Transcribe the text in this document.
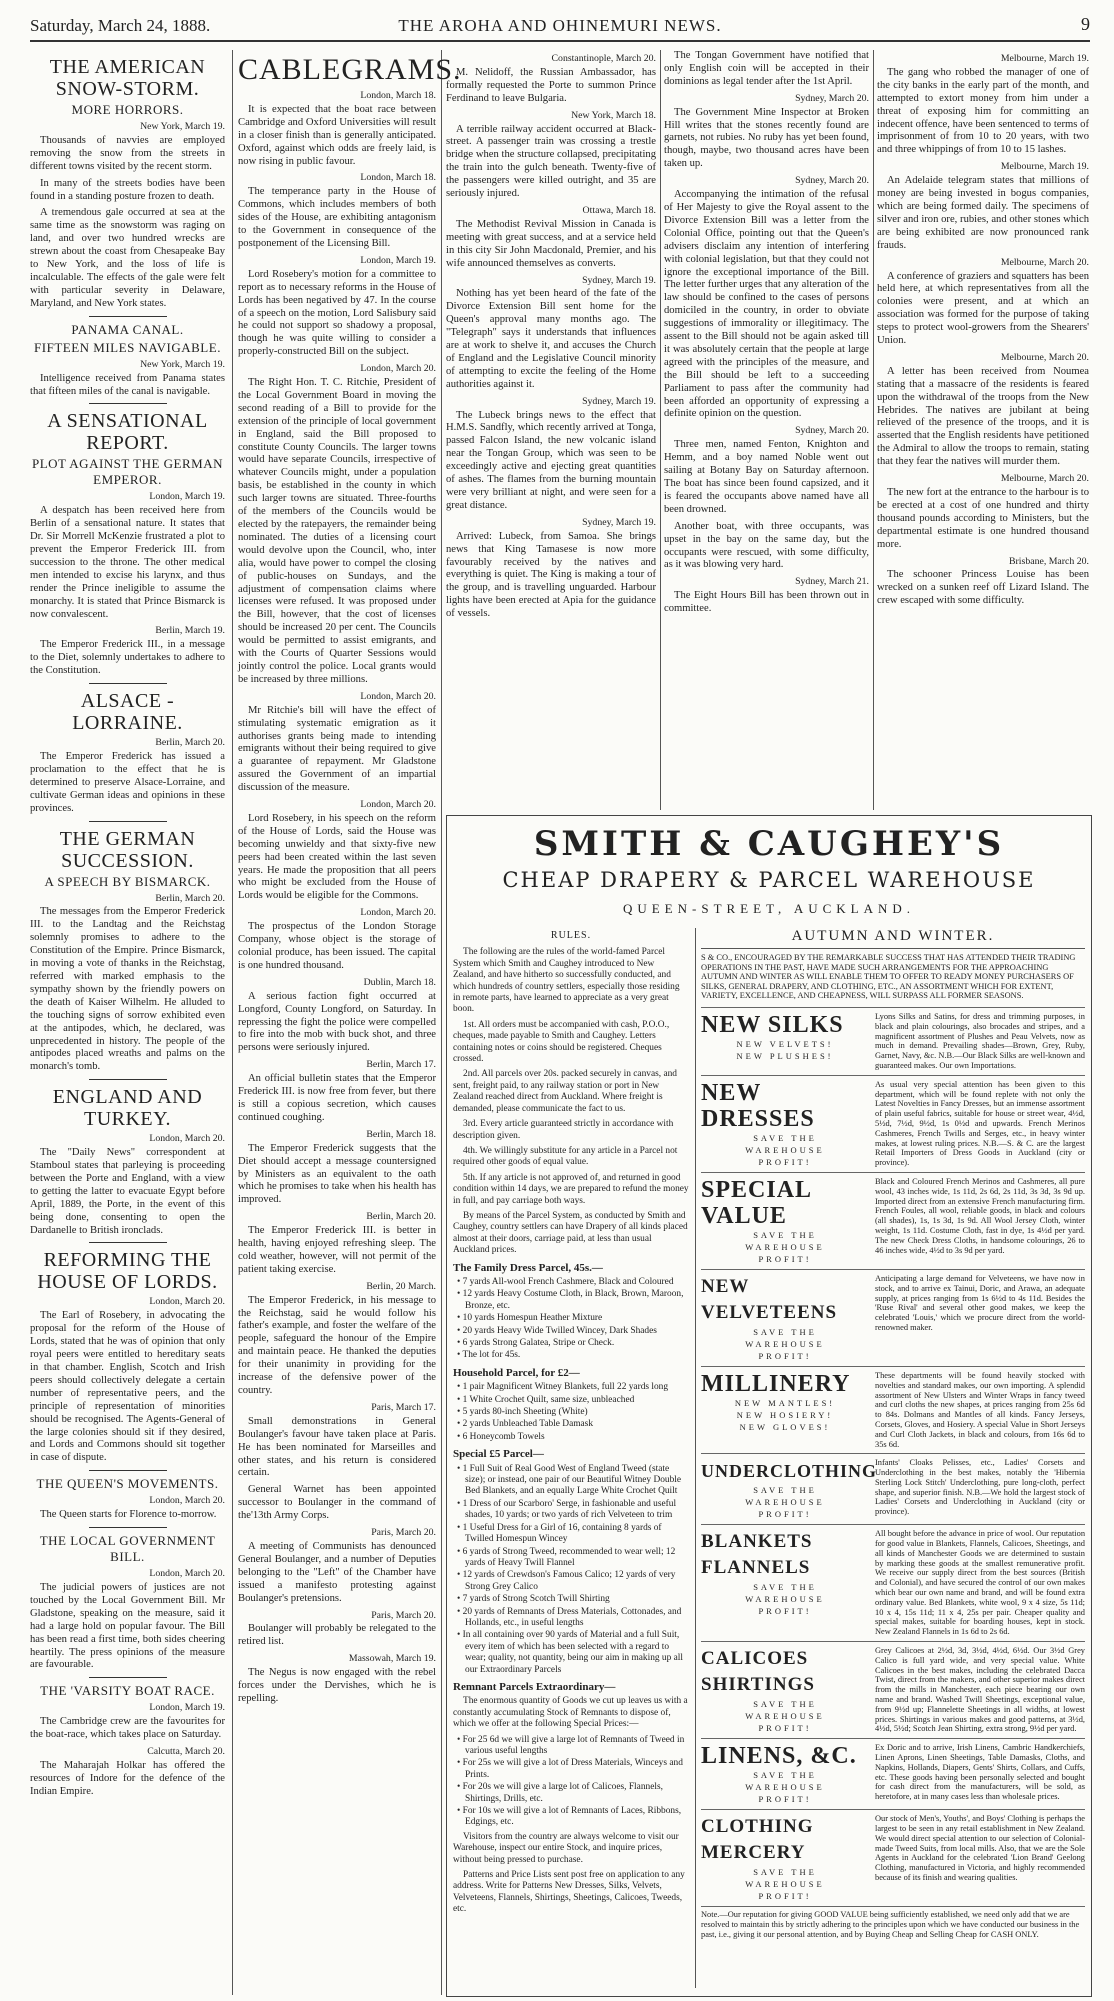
Saturday, March 24, 1888.	THE AROHA AND OHINEMURI NEWS.	9
THE AMERICAN SNOW-STORM.
MORE HORRORS.
New York, March 19.

Thousands of navvies are employed removing the snow from the streets in different towns visited by the recent storm.

In many of the streets bodies have been found in a standing posture frozen to death.

A tremendous gale occurred at sea at the same time as the snowstorm was raging on land, and over two hundred wrecks are strewn about the coast from Chesapeake Bay to New York, and the loss of life is incalculable. The effects of the gale were felt with particular severity in Delaware, Maryland, and New York states.

PANAMA CANAL.
FIFTEEN MILES NAVIGABLE.
New York, March 19.

Intelligence received from Panama states that fifteen miles of the canal is navigable.

A SENSATIONAL REPORT.
PLOT AGAINST THE GERMAN EMPEROR.
London, March 19.

A despatch has been received here from Berlin of a sensational nature. It states that Dr. Sir Morrell McKenzie frustrated a plot to prevent the Emperor Frederick III. from succession to the throne. The other medical men intended to excise his larynx, and thus render the Prince ineligible to assume the monarchy. It is stated that Prince Bismarck is now convalescent.

Berlin, March 19.

The Emperor Frederick III., in a message to the Diet, solemnly undertakes to adhere to the Constitution.

ALSACE - LORRAINE.
Berlin, March 20.

The Emperor Frederick has issued a proclamation to the effect that he is determined to preserve Alsace-Lorraine, and cultivate German ideas and opinions in these provinces.

THE GERMAN SUCCESSION.
A SPEECH BY BISMARCK.
Berlin, March 20.

The messages from the Emperor Frederick III. to the Landtag and the Reichstag solemnly promises to adhere to the Constitution of the Empire. Prince Bismarck, in moving a vote of thanks in the Reichstag, referred with marked emphasis to the sympathy shown by the friendly powers on the death of Kaiser Wilhelm. He alluded to the touching signs of sorrow exhibited even at the antipodes, which, he declared, was unprecedented in history. The people of the antipodes placed wreaths and palms on the monarch's tomb.

ENGLAND AND TURKEY.
London, March 20.

The "Daily News" correspondent at Stamboul states that parleying is proceeding between the Porte and England, with a view to getting the latter to evacuate Egypt before April, 1889, the Porte, in the event of this being done, consenting to open the Dardanelle to British ironclads.

REFORMING THE HOUSE OF LORDS.
London, March 20.

The Earl of Rosebery, in advocating the proposal for the reform of the House of Lords, stated that he was of opinion that only royal peers were entitled to hereditary seats in that chamber. English, Scotch and Irish peers should collectively delegate a certain number of representative peers, and the principle of representation of minorities should be recognised. The Agents-General of the large colonies should sit if they desired, and Lords and Commons should sit together in case of dispute.

THE QUEEN'S MOVEMENTS.
London, March 20.

The Queen starts for Florence to-morrow.

THE LOCAL GOVERNMENT BILL.
London, March 20.

The judicial powers of justices are not touched by the Local Government Bill. Mr Gladstone, speaking on the measure, said it had a large hold on popular favour. The Bill has been read a first time, both sides cheering heartily. The press opinions of the measure are favourable.

THE 'VARSITY BOAT RACE.
London, March 19.

The Cambridge crew are the favourites for the boat-race, which takes place on Saturday.

Calcutta, March 20.

The Maharajah Holkar has offered the resources of Indore for the defence of the Indian Empire.

CABLEGRAMS.
London, March 18.

It is expected that the boat race between Cambridge and Oxford Universities will result in a closer finish than is generally anticipated. Oxford, against which odds are freely laid, is now rising in public favour.

London, March 18.

The temperance party in the House of Commons, which includes members of both sides of the House, are exhibiting antagonism to the Government in consequence of the postponement of the Licensing Bill.

London, March 19.

Lord Rosebery's motion for a committee to report as to necessary reforms in the House of Lords has been negatived by 47. In the course of a speech on the motion, Lord Salisbury said he could not support so shadowy a proposal, though he was quite willing to consider a properly-constructed Bill on the subject.

London, March 20.

The Right Hon. T. C. Ritchie, President of the Local Government Board in moving the second reading of a Bill to provide for the extension of the principle of local government in England, said the Bill proposed to constitute County Councils. The larger towns would have separate Councils, irrespective of whatever Councils might, under a population basis, be established in the county in which such larger towns are situated. Three-fourths of the members of the Councils would be elected by the ratepayers, the remainder being nominated. The duties of a licensing court would devolve upon the Council, who, inter alia, would have power to compel the closing of public-houses on Sundays, and the adjustment of compensation claims where licenses were refused. It was proposed under the Bill, however, that the cost of licenses should be increased 20 per cent. The Councils would be permitted to assist emigrants, and with the Courts of Quarter Sessions would jointly control the police. Local grants would be increased by three millions.

London, March 20.

Mr Ritchie's bill will have the effect of stimulating systematic emigration as it authorises grants being made to intending emigrants without their being required to give a guarantee of repayment. Mr Gladstone assured the Government of an impartial discussion of the measure.

London, March 20.

Lord Rosebery, in his speech on the reform of the House of Lords, said the House was becoming unwieldy and that sixty-five new peers had been created within the last seven years. He made the proposition that all peers who might be excluded from the House of Lords would be eligible for the Commons.

London, March 20.

The prospectus of the London Storage Company, whose object is the storage of colonial produce, has been issued. The capital is one hundred thousand.

Dublin, March 18.

A serious faction fight occurred at Longford, County Longford, on Saturday. In repressing the fight the police were compelled to fire into the mob with buck shot, and three persons were seriously injured.

Berlin, March 17.

An official bulletin states that the Emperor Frederick III. is now free from fever, but there is still a copious secretion, which causes continued coughing.

Berlin, March 18.

The Emperor Frederick suggests that the Diet should accept a message countersigned by Ministers as an equivalent to the oath which he promises to take when his health has improved.

Berlin, March 20.

The Emperor Frederick III. is better in health, having enjoyed refreshing sleep. The cold weather, however, will not permit of the patient taking exercise.

Berlin, 20 March.

The Emperor Frederick, in his message to the Reichstag, said he would follow his father's example, and foster the welfare of the people, safeguard the honour of the Empire and maintain peace. He thanked the deputies for their unanimity in providing for the increase of the defensive power of the country.

Paris, March 17.

Small demonstrations in General Boulanger's favour have taken place at Paris. He has been nominated for Marseilles and other states, and his return is considered certain.

General Warnet has been appointed successor to Boulanger in the command of the'13th Army Corps.

Paris, March 20.

A meeting of Communists has denounced General Boulanger, and a number of Deputies belonging to the "Left" of the Chamber have issued a manifesto protesting against Boulanger's pretensions.

Paris, March 20.

Boulanger will probably be relegated to the retired list.

Massowah, March 19.

The Negus is now engaged with the rebel forces under the Dervishes, which he is repelling.

Constantinople, March 20.

M. Nelidoff, the Russian Ambassador, has formally requested the Porte to summon Prince Ferdinand to leave Bulgaria.

New York, March 18.

A terrible railway accident occurred at Black-street. A passenger train was crossing a trestle bridge when the structure collapsed, precipitating the train into the gulch beneath. Twenty-five of the passengers were killed outright, and 35 are seriously injured.

Ottawa, March 18.

The Methodist Revival Mission in Canada is meeting with great success, and at a service held in this city Sir John Macdonald, Premier, and his wife announced themselves as converts.

Sydney, March 19.

Nothing has yet been heard of the fate of the Divorce Extension Bill sent home for the Queen's approval many months ago. The "Telegraph" says it understands that influences are at work to shelve it, and accuses the Church of England and the Legislative Council minority of attempting to excite the feeling of the Home authorities against it.

Sydney, March 19.

The Lubeck brings news to the effect that H.M.S. Sandfly, which recently arrived at Tonga, passed Falcon Island, the new volcanic island near the Tongan Group, which was seen to be exceedingly active and ejecting great quantities of ashes. The flames from the burning mountain were very brilliant at night, and were seen for a great distance.

Sydney, March 19.

Arrived: Lubeck, from Samoa. She brings news that King Tamasese is now more favourably received by the natives and everything is quiet. The King is making a tour of the group, and is travelling unguarded. Harbour lights have been erected at Apia for the guidance of vessels.

The Tongan Government have notified that only English coin will be accepted in their dominions as legal tender after the 1st April.

Sydney, March 20.

The Government Mine Inspector at Broken Hill writes that the stones recently found are garnets, not rubies. No ruby has yet been found, though, maybe, two thousand acres have been taken up.

Sydney, March 20.

Accompanying the intimation of the refusal of Her Majesty to give the Royal assent to the Divorce Extension Bill was a letter from the Colonial Office, pointing out that the Queen's advisers disclaim any intention of interfering with colonial legislation, but that they could not ignore the exceptional importance of the Bill. The letter further urges that any alteration of the law should be confined to the cases of persons domiciled in the country, in order to obviate suggestions of immorality or illegitimacy. The assent to the Bill should not be again asked till it was absolutely certain that the people at large agreed with the principles of the measure, and the Bill should be left to a succeeding Parliament to pass after the community had been afforded an opportunity of expressing a definite opinion on the question.

Sydney, March 20.

Three men, named Fenton, Knighton and Hemm, and a boy named Noble went out sailing at Botany Bay on Saturday afternoon. The boat has since been found capsized, and it is feared the occupants above named have all been drowned.

Another boat, with three occupants, was upset in the bay on the same day, but the occupants were rescued, with some difficulty, as it was blowing very hard.

Sydney, March 21.

The Eight Hours Bill has been thrown out in committee.

Melbourne, March 19.

The gang who robbed the manager of one of the city banks in the early part of the month, and attempted to extort money from him under a threat of exposing him for committing an indecent offence, have been sentenced to terms of imprisonment of from 10 to 20 years, with two and three whippings of from 10 to 15 lashes.

Melbourne, March 19.

An Adelaide telegram states that millions of money are being invested in bogus companies, which are being formed daily. The specimens of silver and iron ore, rubies, and other stones which are being exhibited are now pronounced rank frauds.

Melbourne, March 20.

A conference of graziers and squatters has been held here, at which representatives from all the colonies were present, and at which an association was formed for the purpose of taking steps to protect wool-growers from the Shearers' Union.

Melbourne, March 20.

A letter has been received from Noumea stating that a massacre of the residents is feared upon the withdrawal of the troops from the New Hebrides. The natives are jubilant at being relieved of the presence of the troops, and it is asserted that the English residents have petitioned the Admiral to allow the troops to remain, stating that they fear the natives will murder them.

Melbourne, March 20.

The new fort at the entrance to the harbour is to be erected at a cost of one hundred and thirty thousand pounds according to Ministers, but the departmental estimate is one hundred thousand more.

Brisbane, March 20.

The schooner Princess Louise has been wrecked on a sunken reef off Lizard Island. The crew escaped with some difficulty.

SMITH & CAUGHEY'S
CHEAP DRAPERY & PARCEL WAREHOUSE
QUEEN-STREET, AUCKLAND.
RULES.

The following are the rules of the world-famed Parcel System which Smith and Caughey introduced to New Zealand, and have hitherto so successfully conducted, and which hundreds of country settlers, especially those residing in remote parts, have learned to appreciate as a very great boon.

1st. All orders must be accompanied with cash, P.O.O., cheques, made payable to Smith and Caughey. Letters containing notes or coins should be registered. Cheques crossed.

2nd. All parcels over 20s. packed securely in canvas, and sent, freight paid, to any railway station or port in New Zealand reached direct from Auckland. Where freight is demanded, please communicate the fact to us.

3rd. Every article guaranteed strictly in accordance with description given.

4th. We willingly substitute for any article in a Parcel not required other goods of equal value.

5th. If any article is not approved of, and returned in good condition within 14 days, we are prepared to refund the money in full, and pay carriage both ways.

By means of the Parcel System, as conducted by Smith and Caughey, country settlers can have Drapery of all kinds placed almost at their doors, carriage paid, at less than usual Auckland prices.

The Family Dress Parcel, 45s.—
• 7 yards All-wool French Cashmere, Black and Coloured
• 12 yards Heavy Costume Cloth, in Black, Brown, Maroon, Bronze, etc.
• 10 yards Homespun Heather Mixture
• 20 yards Heavy Wide Twilled Wincey, Dark Shades
• 6 yards Strong Galatea, Stripe or Check.
• The lot for 45s.
Household Parcel, for £2—
• 1 pair Magnificent Witney Blankets, full 22 yards long
• 1 White Crochet Quilt, same size, unbleached
• 5 yards 80-inch Sheeting (White)
• 2 yards Unbleached Table Damask
• 6 Honeycomb Towels
Special £5 Parcel—
• 1 Full Suit of Real Good West of England Tweed (state size); or instead, one pair of our Beautiful Witney Double Bed Blankets, and an equally Large White Crochet Quilt
• 1 Dress of our Scarboro' Serge, in fashionable and useful shades, 10 yards; or two yards of rich Velveteen to trim
• 1 Useful Dress for a Girl of 16, containing 8 yards of Twilled Homespun Wincey
• 6 yards of Strong Tweed, recommended to wear well; 12 yards of Heavy Twill Flannel
• 12 yards of Crewdson's Famous Calico; 12 yards of very Strong Grey Calico
• 7 yards of Strong Scotch Twill Shirting
• 20 yards of Remnants of Dress Materials, Cottonades, and Hollands, etc., in useful lengths
• In all containing over 90 yards of Material and a full Suit, every item of which has been selected with a regard to wear; quality, not quantity, being our aim in making up all our Extraordinary Parcels
Remnant Parcels Extraordinary—

The enormous quantity of Goods we cut up leaves us with a constantly accumulating Stock of Remnants to dispose of, which we offer at the following Special Prices:—

• For 25 6d we will give a large lot of Remnants of Tweed in various useful lengths
• For 25s we will give a lot of Dress Materials, Winceys and Prints.
• For 20s we will give a large lot of Calicoes, Flannels, Shirtings, Drills, etc.
• For 10s we will give a lot of Remnants of Laces, Ribbons, Edgings, etc.

Visitors from the country are always welcome to visit our Warehouse, inspect our entire Stock, and inquire prices, without being pressed to purchase.

Patterns and Price Lists sent post free on application to any address. Write for Patterns New Dresses, Silks, Velvets, Velveteens, Flannels, Shirtings, Sheetings, Calicoes, Tweeds, etc.

AUTUMN AND WINTER.

S & CO., ENCOURAGED BY THE REMARKABLE SUCCESS THAT HAS ATTENDED THEIR TRADING OPERATIONS IN THE PAST, HAVE MADE SUCH ARRANGEMENTS FOR THE APPROACHING AUTUMN AND WINTER AS WILL ENABLE THEM TO OFFER TO READY MONEY PURCHASERS OF SILKS, GENERAL DRAPERY, AND CLOTHING, ETC., AN ASSORTMENT WHICH FOR EXTENT, VARIETY, EXCELLENCE, AND CHEAPNESS, WILL SURPASS ALL FORMER SEASONS.

NEW SILKS
NEW VELVETS!
NEW PLUSHES!
Lyons Silks and Satins, for dress and trimming purposes, in black and plain colourings, also brocades and stripes, and a magnificent assortment of Plushes and Peau Velvets, now as much in demand. Prevailing shades—Brown, Grey, Ruby, Garnet, Navy, &c. N.B.—Our Black Silks are well-known and guaranteed makes. Our own Importations.
NEW DRESSES
SAVE THE
WAREHOUSE
PROFIT!
As usual very special attention has been given to this department, which will be found replete with not only the Latest Novelties in Fancy Dresses, but an immense assortment of plain useful fabrics, suitable for house or street wear, 4½d, 5½d, 7½d, 9½d, 1s 0½d and upwards. French Merinos Cashmeres, French Twills and Serges, etc., in heavy winter makes, at lowest ruling prices. N.B.—S. & C. are the largest Retail Importers of Dress Goods in Auckland (city or province).
SPECIAL VALUE
SAVE THE
WAREHOUSE
PROFIT!
Black and Coloured French Merinos and Cashmeres, all pure wool, 43 inches wide, 1s 11d, 2s 6d, 2s 11d, 3s 3d, 3s 9d up. Imported direct from an extensive French manufacturing firm. French Foules, all wool, reliable goods, in black and colours (all shades), 1s, 1s 3d, 1s 9d. All Wool Jersey Cloth, winter weight, 1s 11d. Costume Cloth, fast in dye, 1s 4½d per yard. The new Check Dress Cloths, in handsome colourings, 26 to 46 inches wide, 4½d to 3s 9d per yard.
NEW VELVETEENS
SAVE THE
WAREHOUSE
PROFIT!
Anticipating a large demand for Velveteens, we have now in stock, and to arrive ex Tainui, Doric, and Arawa, an adequate supply, at prices ranging from 1s 6½d to 4s 11d. Besides the 'Ruse Rival' and several other good makes, we keep the celebrated 'Louis,' which we procure direct from the world-renowned maker.
MILLINERY
NEW MANTLES!
NEW HOSIERY!
NEW GLOVES!
These departments will be found heavily stocked with novelties and standard makes, our own importing. A splendid assortment of New Ulsters and Winter Wraps in fancy tweed and curl cloths the new shapes, at prices ranging from 25s 6d to 84s. Dolmans and Mantles of all kinds. Fancy Jerseys, Corsets, Gloves, and Hosiery. A special Value in Short Jerseys and Curl Cloth Jackets, in black and colours, from 16s 6d to 35s 6d.
UNDERCLOTHING
SAVE THE
WAREHOUSE
PROFIT!
Infants' Cloaks Pelisses, etc., Ladies' Corsets and Underclothing in the best makes, notably the 'Hibernia Sterling Lock Stitch' Underclothing, pure long-cloth, perfect shape, and superior finish. N.B.—We hold the largest stock of Ladies' Corsets and Underclothing in Auckland (city or province).
BLANKETS FLANNELS
SAVE THE
WAREHOUSE
PROFIT!
All bought before the advance in price of wool. Our reputation for good value in Blankets, Flannels, Calicoes, Sheetings, and all kinds of Manchester Goods we are determined to sustain by marking these goods at the smallest remunerative profit. We receive our supply direct from the best sources (British and Colonial), and have secured the control of our own makes which bear our own name and brand, and will be found extra ordinary value. Bed Blankets, white wool, 9 x 4 size, 5s 11d; 10 x 4, 15s 11d; 11 x 4, 25s per pair. Cheaper quality and special makes, suitable for boarding houses, kept in stock. New Zealand Flannels in 1s 6d to 2s 6d.
CALICOES SHIRTINGS
SAVE THE
WAREHOUSE
PROFIT!
Grey Calicoes at 2½d, 3d, 3½d, 4½d, 6½d. Our 3½d Grey Calico is full yard wide, and very special value. White Calicoes in the best makes, including the celebrated Dacca Twist, direct from the makers, and other superior makes direct from the mills in Manchester, each piece bearing our own name and brand. Washed Twill Sheetings, exceptional value, from 9½d up; Flannelette Sheetings in all widths, at lowest prices. Shirtings in various makes and good patterns, at 3½d, 4½d, 5½d; Scotch Jean Shirting, extra strong, 9½d per yard.
LINENS, &C.
SAVE THE
WAREHOUSE
PROFIT!
Ex Doric and to arrive, Irish Linens, Cambric Handkerchiefs, Linen Aprons, Linen Sheetings, Table Damasks, Cloths, and Napkins, Hollands, Diapers, Gents' Shirts, Collars, and Cuffs, etc. These goods having been personally selected and bought for cash direct from the manufacturers, will be sold, as heretofore, at in many cases less than wholesale prices.
CLOTHING MERCERY
SAVE THE
WAREHOUSE
PROFIT!
Our stock of Men's, Youths', and Boys' Clothing is perhaps the largest to be seen in any retail establishment in New Zealand. We would direct special attention to our selection of Colonial-made Tweed Suits, from local mills. Also, that we are the Sole Agents in Auckland for the celebrated 'Lion Brand' Geelong Clothing, manufactured in Victoria, and highly recommended because of its finish and wearing qualities.
Note.—Our reputation for giving GOOD VALUE being sufficiently established, we need only add that we are resolved to maintain this by strictly adhering to the principles upon which we have conducted our business in the past, i.e., giving it our personal attention, and by Buying Cheap and Selling Cheap for CASH ONLY.
